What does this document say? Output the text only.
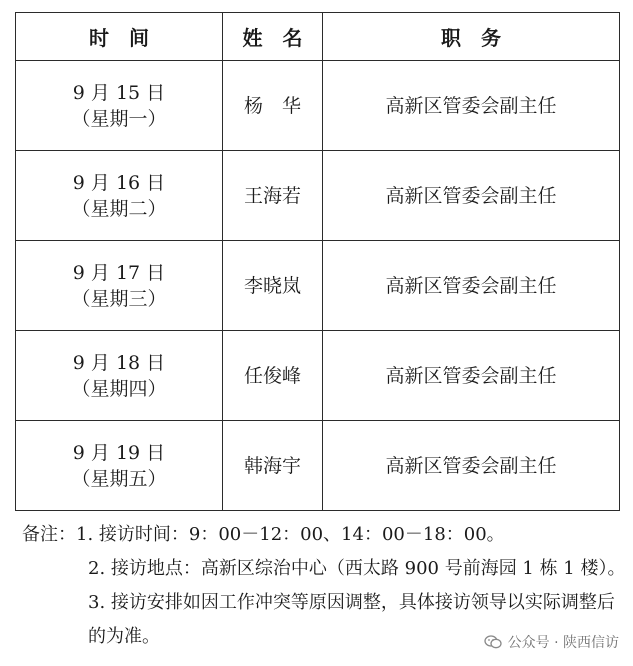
时　间	姓　名	职　务

9 月 15 日
（星期一）	杨　华	高新区管委会副主任

9 月 16 日
（星期二）	王海若	高新区管委会副主任

9 月 17 日
（星期三）	李晓岚	高新区管委会副主任

9 月 18 日
（星期四）	任俊峰	高新区管委会副主任

9 月 19 日
（星期五）	韩海宇	高新区管委会副主任
备注：1. 接访时间：9：00－12：00、14：00－18：00。
2. 接访地点：高新区综治中心（西太路 900 号前海园 1 栋 1 楼）。
3. 接访安排如因工作冲突等原因调整，具体接访领导以实际调整后的为准。	公众号 · 陕西信访
